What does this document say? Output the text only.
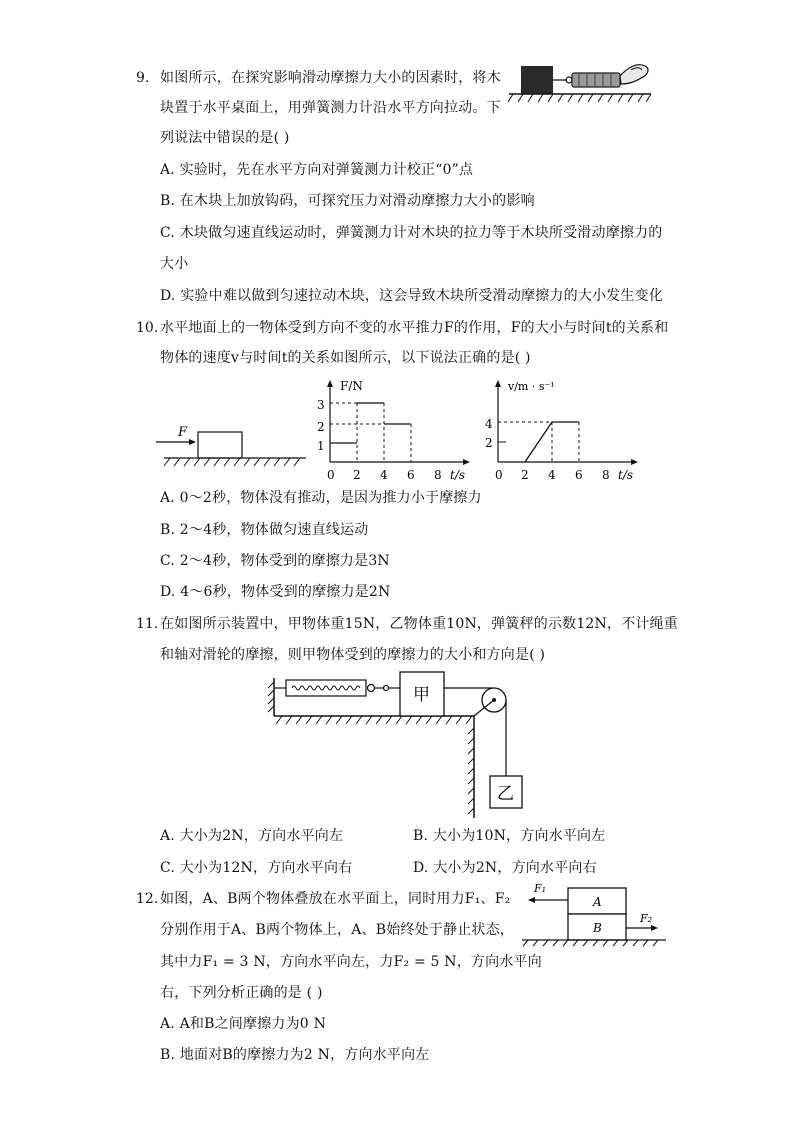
9. 如图所示，在探究影响滑动摩擦力大小的因素时，将木
块置于水平桌面上，用弹簧测力计沿水平方向拉动。下
列说法中错误的是( )
A. 实验时，先在水平方向对弹簧测力计校正“0”点
B. 在木块上加放钩码，可探究压力对滑动摩擦力大小的影响
C. 木块做匀速直线运动时，弹簧测力计对木块的拉力等于木块所受滑动摩擦力的
大小
D. 实验中难以做到匀速拉动木块，这会导致木块所受滑动摩擦力的大小发生变化
10. 水平地面上的一物体受到方向不变的水平推力F的作用，F的大小与时间t的关系和
物体的速度v与时间t的关系如图所示，以下说法正确的是( )
F
F/N
t/s
1
2
3
0 2 4 6 8
v/m · s⁻¹
t/s
2
4
0 2 4 6 8
A. 0～2秒，物体没有推动，是因为推力小于摩擦力
B. 2～4秒，物体做匀速直线运动
C. 2～4秒，物体受到的摩擦力是3N
D. 4～6秒，物体受到的摩擦力是2N
11. 在如图所示装置中，甲物体重15N，乙物体重10N，弹簧秤的示数12N，不计绳重
和轴对滑轮的摩擦，则甲物体受到的摩擦力的大小和方向是( )
甲
乙
A. 大小为2N，方向水平向左	B. 大小为10N，方向水平向左
C. 大小为12N，方向水平向右	D. 大小为2N，方向水平向右
12. 如图，A、B两个物体叠放在水平面上，同时用力F₁、F₂
分别作用于A、B两个物体上，A、B始终处于静止状态，
其中力F₁ = 3 N，方向水平向左，力F₂ = 5 N，方向水平向
右，下列分析正确的是 ( )
A. A和B之间摩擦力为0 N
B. 地面对B的摩擦力为2 N，方向水平向左
F₁
A
B
F₂
